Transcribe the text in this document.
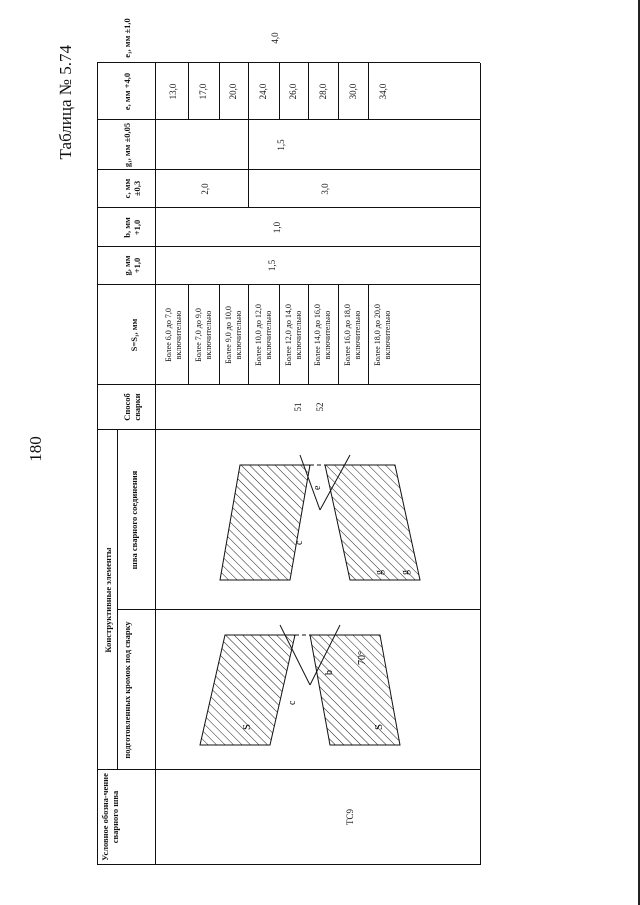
180
Таблица № 5.74
Условное обозна-чение сварного шва
Конструктивные элементы
подготовленных кромок под сварку
шва сварного соединения
Способ сварки
S=S₁, мм
b, мм +1,0
c, мм ±0,3
g, мм +1,0
g₁, мм ±0,05
e, мм +4,0
e₁, мм ±1,0
ТС9
51 52
Более 6,0 до 7,0 включительно Более 7,0 до 9,0 включительно Более 9,0 до 10,0 включительно Более 10,0 до 12,0 включительно Более 12,0 до 14,0 включительно Более 14,0 до 16,0 включительно Более 16,0 до 18,0 включительно Более 18,0 до 20,0 включительно
1,5
1,0
2,0	3,0
1,5
13,0 17,0 20,0 24,0 26,0 28,0 30,0 34,0
4,0
70°
S	S
c
b
e
c
g g
